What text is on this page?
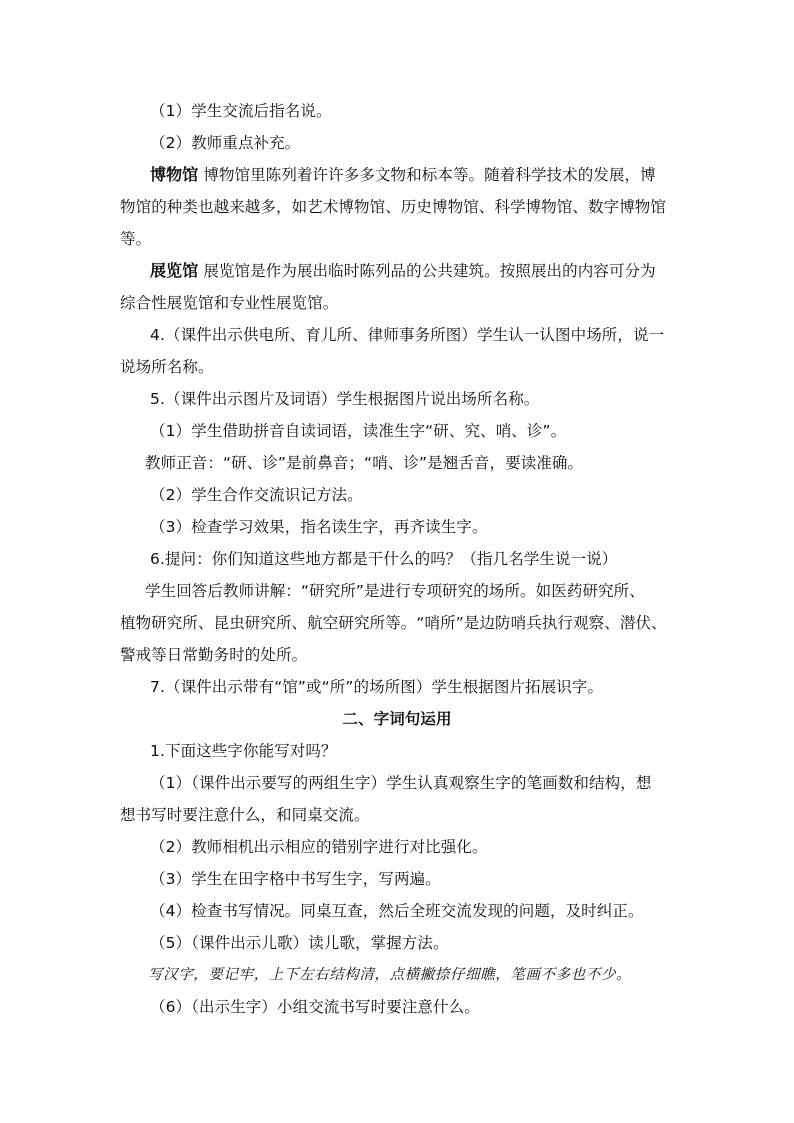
（1）学生交流后指名说。
（2）教师重点补充。
博物馆 博物馆里陈列着许许多多文物和标本等。随着科学技术的发展，博
物馆的种类也越来越多，如艺术博物馆、历史博物馆、科学博物馆、数字博物馆
等。
展览馆 展览馆是作为展出临时陈列品的公共建筑。按照展出的内容可分为
综合性展览馆和专业性展览馆。
4.（课件出示供电所、育儿所、律师事务所图）学生认一认图中场所，说一
说场所名称。
5.（课件出示图片及词语）学生根据图片说出场所名称。
（1）学生借助拼音自读词语，读准生字“研、究、哨、诊”。
教师正音：“研、诊”是前鼻音；“哨、诊”是翘舌音，要读准确。
（2）学生合作交流识记方法。
（3）检查学习效果，指名读生字，再齐读生字。
6.提问：你们知道这些地方都是干什么的吗？（指几名学生说一说）
学生回答后教师讲解：“研究所”是进行专项研究的场所。如医药研究所、
植物研究所、昆虫研究所、航空研究所等。“哨所”是边防哨兵执行观察、潜伏、
警戒等日常勤务时的处所。
7.（课件出示带有“馆”或“所”的场所图）学生根据图片拓展识字。
二、字词句运用
1.下面这些字你能写对吗？
（1）（课件出示要写的两组生字）学生认真观察生字的笔画数和结构，想
想书写时要注意什么，和同桌交流。
（2）教师相机出示相应的错别字进行对比强化。
（3）学生在田字格中书写生字，写两遍。
（4）检查书写情况。同桌互查，然后全班交流发现的问题，及时纠正。
（5）（课件出示儿歌）读儿歌，掌握方法。
写汉字，要记牢，上下左右结构清，点横撇捺仔细瞧，笔画不多也不少。
（6）（出示生字）小组交流书写时要注意什么。
